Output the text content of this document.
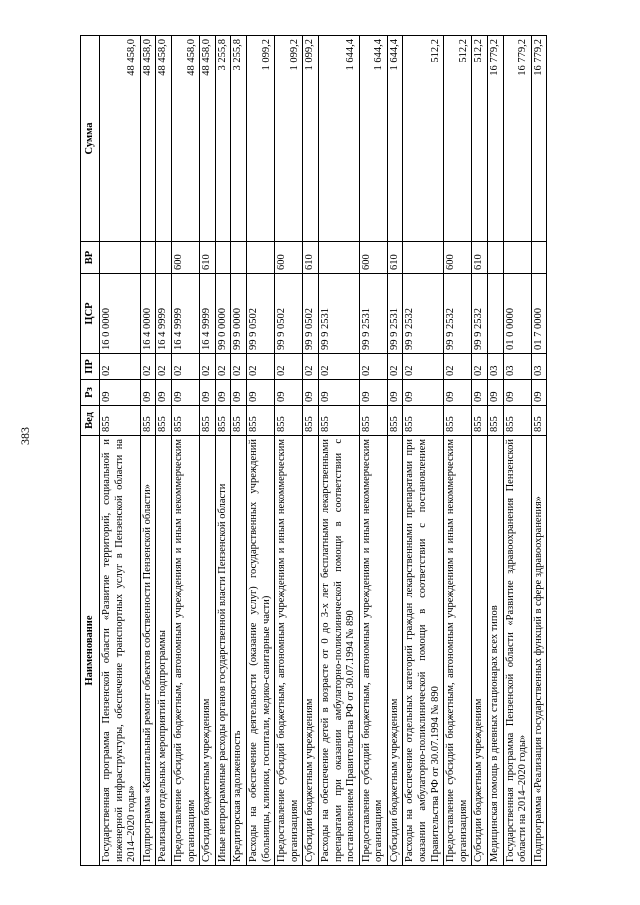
383
Наименование	Вед	Рз	ПР	ЦСР	ВР	Сумма
Государственная программа Пензенской области «Развитие территорий, социальной и инженерной инфраструктуры, обеспечение транспортных услуг в Пензенской области на 2014–2020 годы»	855	09	02	16 0 0000		48 458,0
Подпрограмма «Капитальный ремонт объектов собственности Пензенской области»	855	09	02	16 4 0000		48 458,0
Реализация отдельных мероприятий подпрограммы	855	09	02	16 4 9999		48 458,0
Предоставление субсидий бюджетным, автономным учреждениям и иным некоммерческим организациям	855	09	02	16 4 9999	600	48 458,0
Субсидии бюджетным учреждениям	855	09	02	16 4 9999	610	48 458,0
Иные непрограммные расходы органов государственной власти Пензенской области	855	09	02	99 0 0000		3 255,8
Кредиторская задолженность	855	09	02	99 9 0000		3 255,8
Расходы на обеспечение деятельности (оказание услуг) государственных учреждений (больницы, клиники, госпитали, медико-санитарные части)	855	09	02	99 9 0502		1 099,2
Предоставление субсидий бюджетным, автономным учреждениям и иным некоммерческим организациям	855	09	02	99 9 0502	600	1 099,2
Субсидии бюджетным учреждениям	855	09	02	99 9 0502	610	1 099,2
Расходы на обеспечение детей в возрасте от 0 до 3-х лет бесплатными лекарственными препаратами при оказании амбулаторно-поликлинической помощи в соответствии с постановлением Правительства РФ от 30.07.1994 № 890	855	09	02	99 9 2531		1 644,4
Предоставление субсидий бюджетным, автономным учреждениям и иным некоммерческим организациям	855	09	02	99 9 2531	600	1 644,4
Субсидии бюджетным учреждениям	855	09	02	99 9 2531	610	1 644,4
Расходы на обеспечение отдельных категорий граждан лекарственными препаратами при оказании амбулаторно-поликлинической помощи в соответствии с постановлением Правительства РФ от 30.07.1994 № 890	855	09	02	99 9 2532		512,2
Предоставление субсидий бюджетным, автономным учреждениям и иным некоммерческим организациям	855	09	02	99 9 2532	600	512,2
Субсидии бюджетным учреждениям	855	09	02	99 9 2532	610	512,2
Медицинская помощь в дневных стационарах всех типов	855	09	03			16 779,2
Государственная программа Пензенской области «Развитие здравоохранения Пензенской области на 2014–2020 годы»	855	09	03	01 0 0000		16 779,2
Подпрограмма «Реализация государственных функций в сфере здравоохранения»	855	09	03	01 7 0000		16 779,2
